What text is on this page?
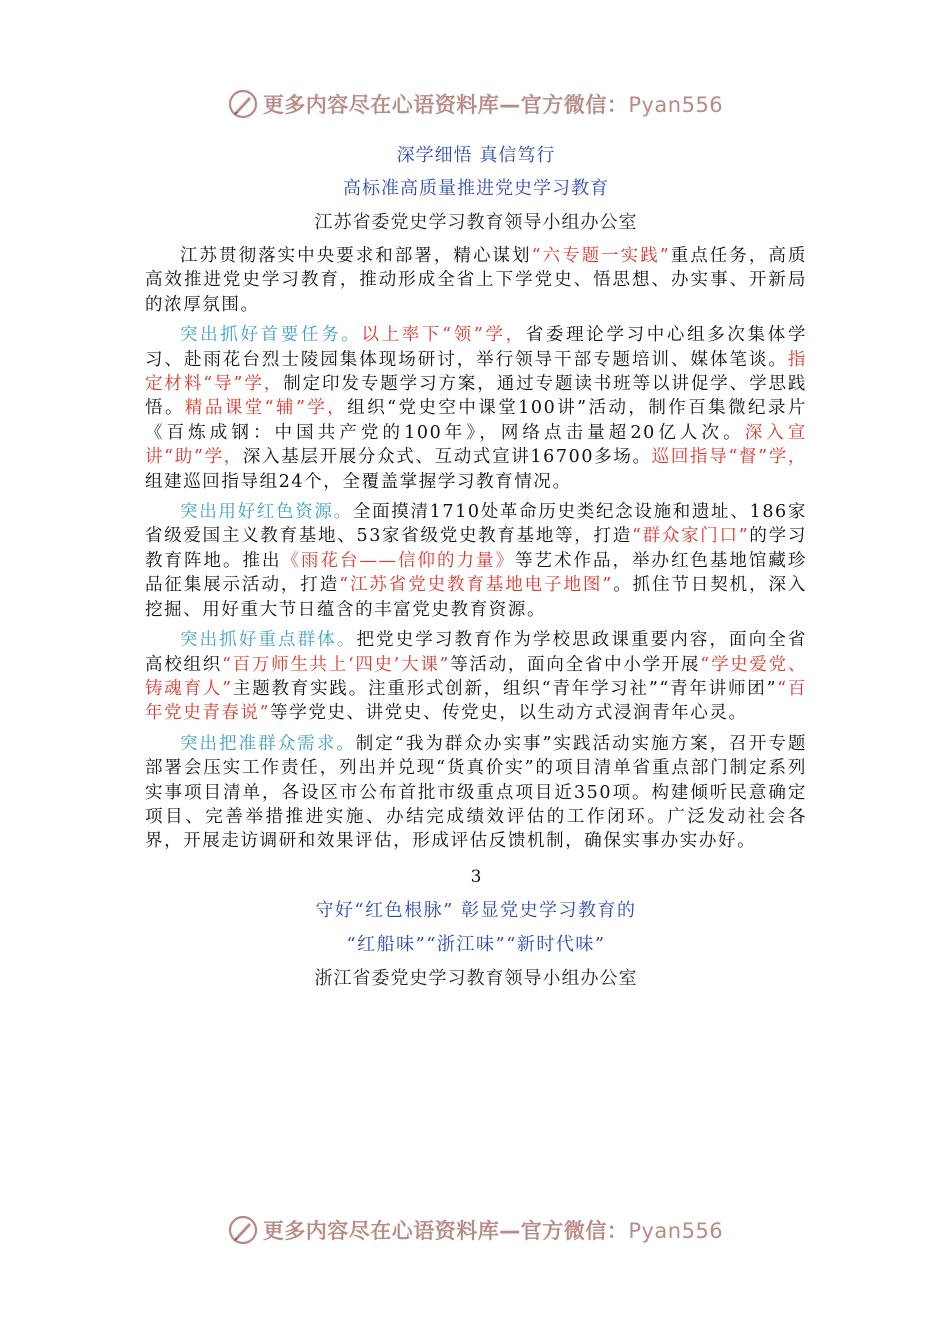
更多内容尽在心语资料库—官方微信：Pyan556

深学细悟 真信笃行

高标准高质量推进党史学习教育

江苏省委党史学习教育领导小组办公室

江苏贯彻落实中央要求和部署，精心谋划“六专题一实践”重点任务，高质高效推进党史学习教育，推动形成全省上下学党史、悟思想、办实事、开新局的浓厚氛围。

突出抓好首要任务。以上率下“领”学，省委理论学习中心组多次集体学习、赴雨花台烈士陵园集体现场研讨，举行领导干部专题培训、媒体笔谈。指定材料“导”学，制定印发专题学习方案，通过专题读书班等以讲促学、学思践悟。精品课堂“辅”学，组织“党史空中课堂100讲”活动，制作百集微纪录片《百炼成钢：中国共产党的100年》，网络点击量超20亿人次。深入宣讲“助”学，深入基层开展分众式、互动式宣讲16700多场。巡回指导“督”学，组建巡回指导组24个，全覆盖掌握学习教育情况。

突出用好红色资源。全面摸清1710处革命历史类纪念设施和遗址、186家省级爱国主义教育基地、53家省级党史教育基地等，打造“群众家门口”的学习教育阵地。推出《雨花台——信仰的力量》等艺术作品，举办红色基地馆藏珍品征集展示活动，打造“江苏省党史教育基地电子地图”。抓住节日契机，深入挖掘、用好重大节日蕴含的丰富党史教育资源。

突出抓好重点群体。把党史学习教育作为学校思政课重要内容，面向全省高校组织“百万师生共上‘四史’大课”等活动，面向全省中小学开展“学史爱党、铸魂育人”主题教育实践。注重形式创新，组织“青年学习社”“青年讲师团”“百年党史青春说”等学党史、讲党史、传党史，以生动方式浸润青年心灵。

突出把准群众需求。制定“我为群众办实事”实践活动实施方案，召开专题部署会压实工作责任，列出并兑现“货真价实”的项目清单省重点部门制定系列实事项目清单，各设区市公布首批市级重点项目近350项。构建倾听民意确定项目、完善举措推进实施、办结完成绩效评估的工作闭环。广泛发动社会各界，开展走访调研和效果评估，形成评估反馈机制，确保实事办实办好。

3

守好“红色根脉” 彰显党史学习教育的

“红船味”“浙江味”“新时代味”

浙江省委党史学习教育领导小组办公室

更多内容尽在心语资料库—官方微信：Pyan556
